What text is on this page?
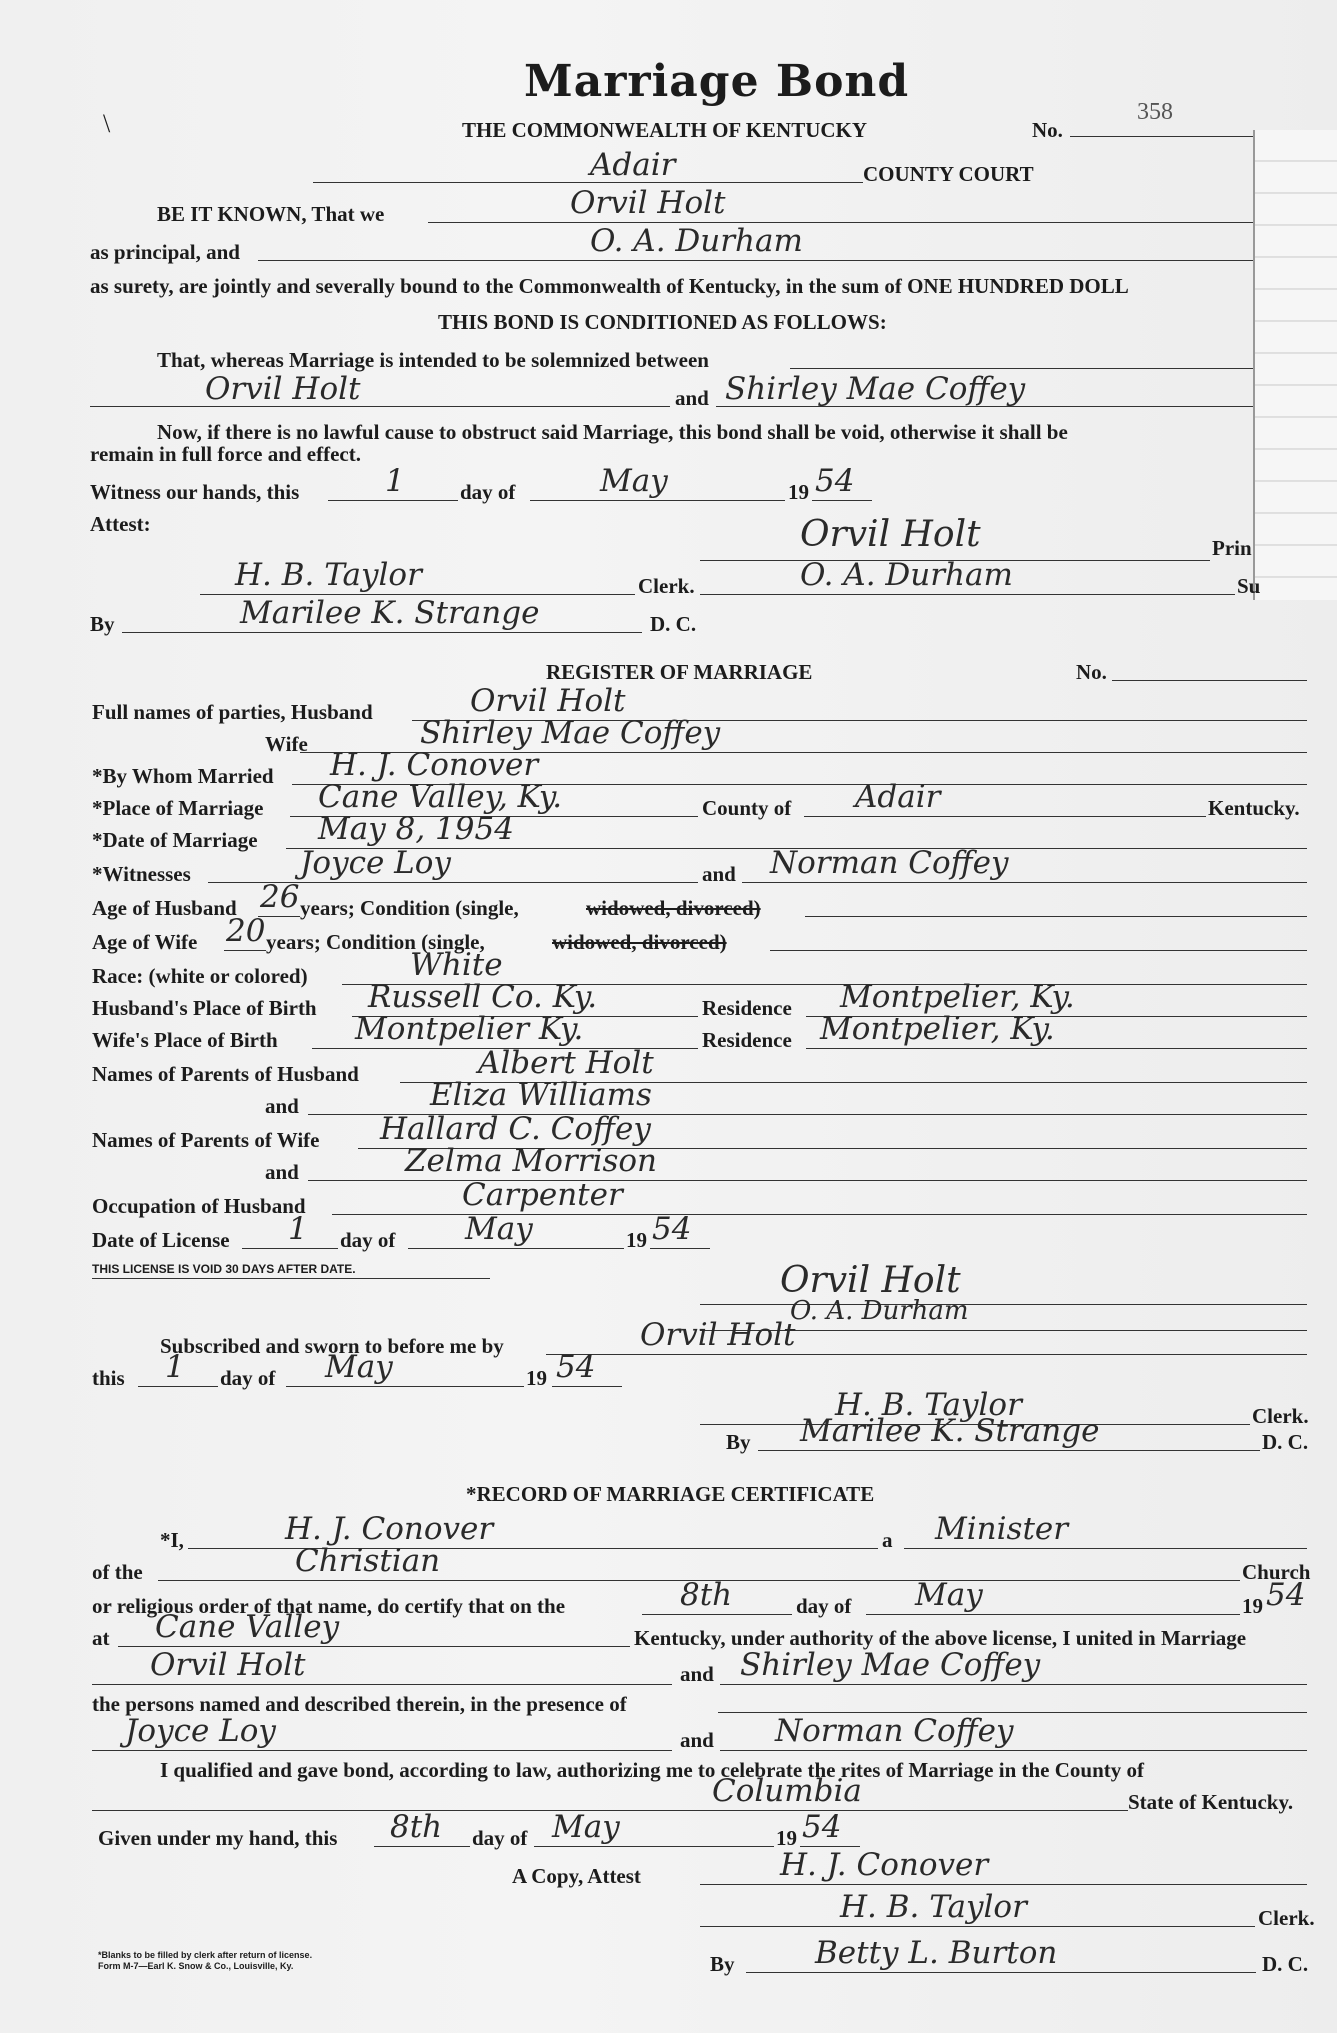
\
Marriage Bond
THE COMMONWEALTH OF KENTUCKY	No.
358
Adair	COUNTY COURT
BE IT KNOWN, That we	Orvil Holt
as principal, and	O. A. Durham
as surety, are jointly and severally bound to the Commonwealth of Kentucky, in the sum of ONE HUNDRED DOLL
THIS BOND IS CONDITIONED AS FOLLOWS:
That, whereas Marriage is intended to be solemnized between
Orvil Holt	and Shirley Mae Coffey
Now, if there is no lawful cause to obstruct said Marriage, this bond shall be void, otherwise it shall be
remain in full force and effect.
Witness our hands, this	1	day of	May	19 54
Attest:	Orvil Holt	Prin
H. B. Taylor	Clerk.	O. A. Durham	Su
By	Marilee K. Strange	D. C.
REGISTER OF MARRIAGE	No.
Full names of parties, Husband	Orvil Holt
Wife	Shirley Mae Coffey
*By Whom Married H. J. Conover
*Place of Marriage Cane Valley, Ky.	County of Adair	Kentucky.
*Date of Marriage May 8, 1954
*Witnesses	Joyce Loy	and Norman Coffey
Age of Husband 26 years; Condition (single,	widowed, divorced)
Age of Wife 20 years; Condition (single,	widowed, divorced)
Race: (white or colored)	White
Husband's Place of Birth Russell Co. Ky.	Residence Montpelier, Ky.
Wife's Place of Birth Montpelier Ky.	Residence Montpelier, Ky.
Names of Parents of Husband	Albert Holt
and	Eliza Williams
Names of Parents of Wife Hallard C. Coffey
and	Zelma Morrison
Occupation of Husband	Carpenter
Date of License 1 day of May	19 54
THIS LICENSE IS VOID 30 DAYS AFTER DATE.	Orvil Holt
O. A. Durham
Subscribed and sworn to before me by	Orvil Holt
this 1 day of May	19 54
H. B. Taylor	Clerk.
By Marilee K. Strange	D. C.
*RECORD OF MARRIAGE CERTIFICATE
*I,	H. J. Conover	a Minister
of the	Christian	Church
or religious order of that name, do certify that on the	8th	day of May	19 54
at Cane Valley	Kentucky, under authority of the above license, I united in Marriage
Orvil Holt	and Shirley Mae Coffey
the persons named and described therein, in the presence of
Joyce Loy	and Norman Coffey
I qualified and gave bond, according to law, authorizing me to celebrate the rites of Marriage in the County of
Columbia	State of Kentucky.
Given under my hand, this 8th day of May	19 54
A Copy, Attest	H. J. Conover
H. B. Taylor	Clerk.
By	Betty L. Burton	D. C.
*Blanks to be filled by clerk after return of license.
Form M-7—Earl K. Snow & Co., Louisville, Ky.
